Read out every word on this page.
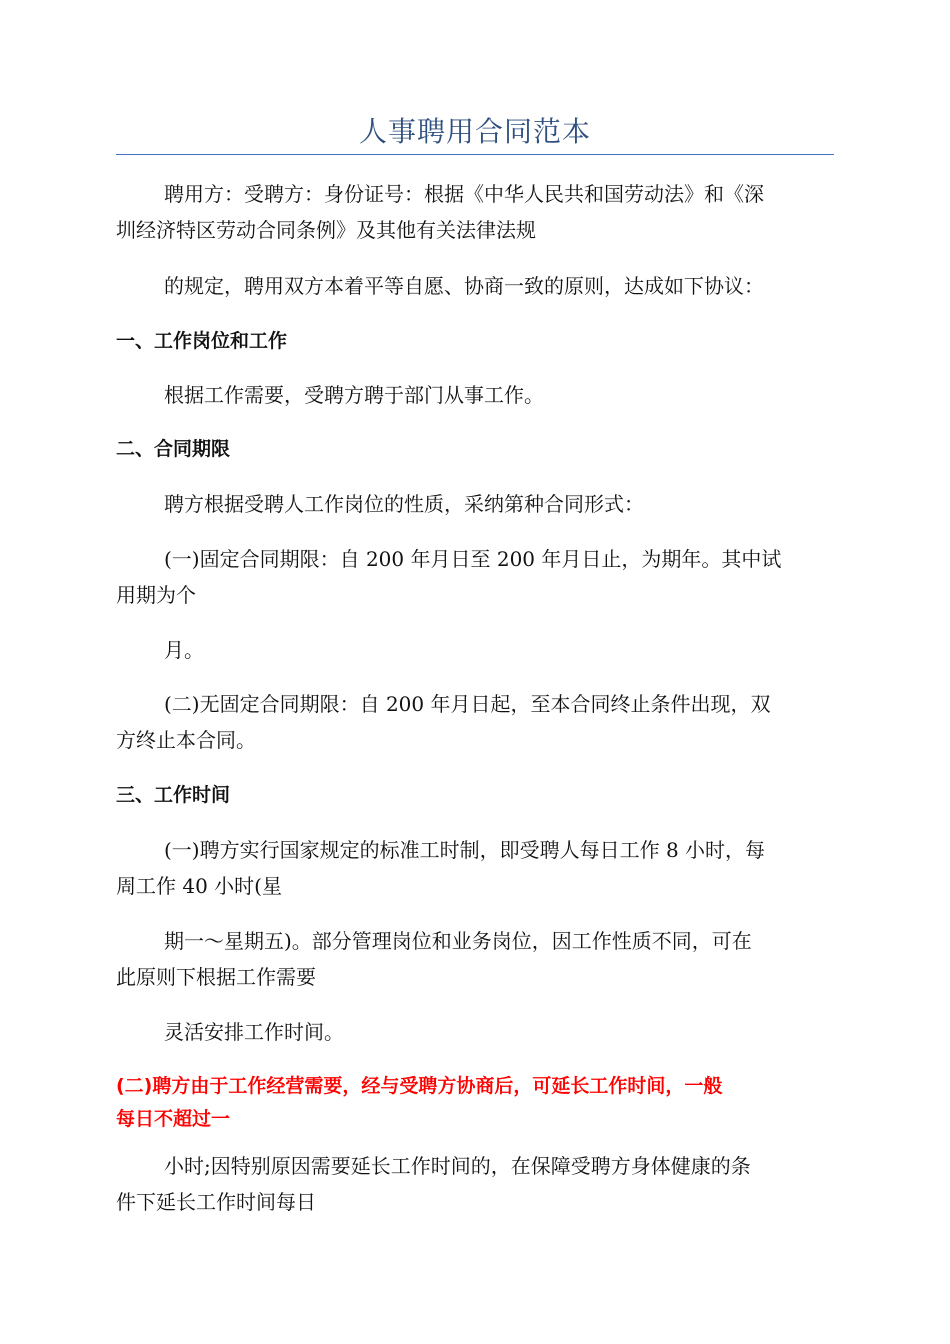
人事聘用合同范本

聘用方：受聘方：身份证号：根据《中华人民共和国劳动法》和《深

圳经济特区劳动合同条例》及其他有关法律法规

的规定，聘用双方本着平等自愿、协商一致的原则，达成如下协议：

一、工作岗位和工作

根据工作需要，受聘方聘于部门从事工作。

二、合同期限

聘方根据受聘人工作岗位的性质，采纳第种合同形式：

(一)固定合同期限：自 200 年月日至 200 年月日止，为期年。其中试

用期为个

月。

(二)无固定合同期限：自 200 年月日起，至本合同终止条件出现，双

方终止本合同。

三、工作时间

(一)聘方实行国家规定的标准工时制，即受聘人每日工作 8 小时，每

周工作 40 小时(星

期一～星期五)。部分管理岗位和业务岗位，因工作性质不同，可在

此原则下根据工作需要

灵活安排工作时间。

(二)聘方由于工作经营需要，经与受聘方协商后，可延长工作时间，一般

每日不超过一

小时;因特别原因需要延长工作时间的，在保障受聘方身体健康的条

件下延长工作时间每日
